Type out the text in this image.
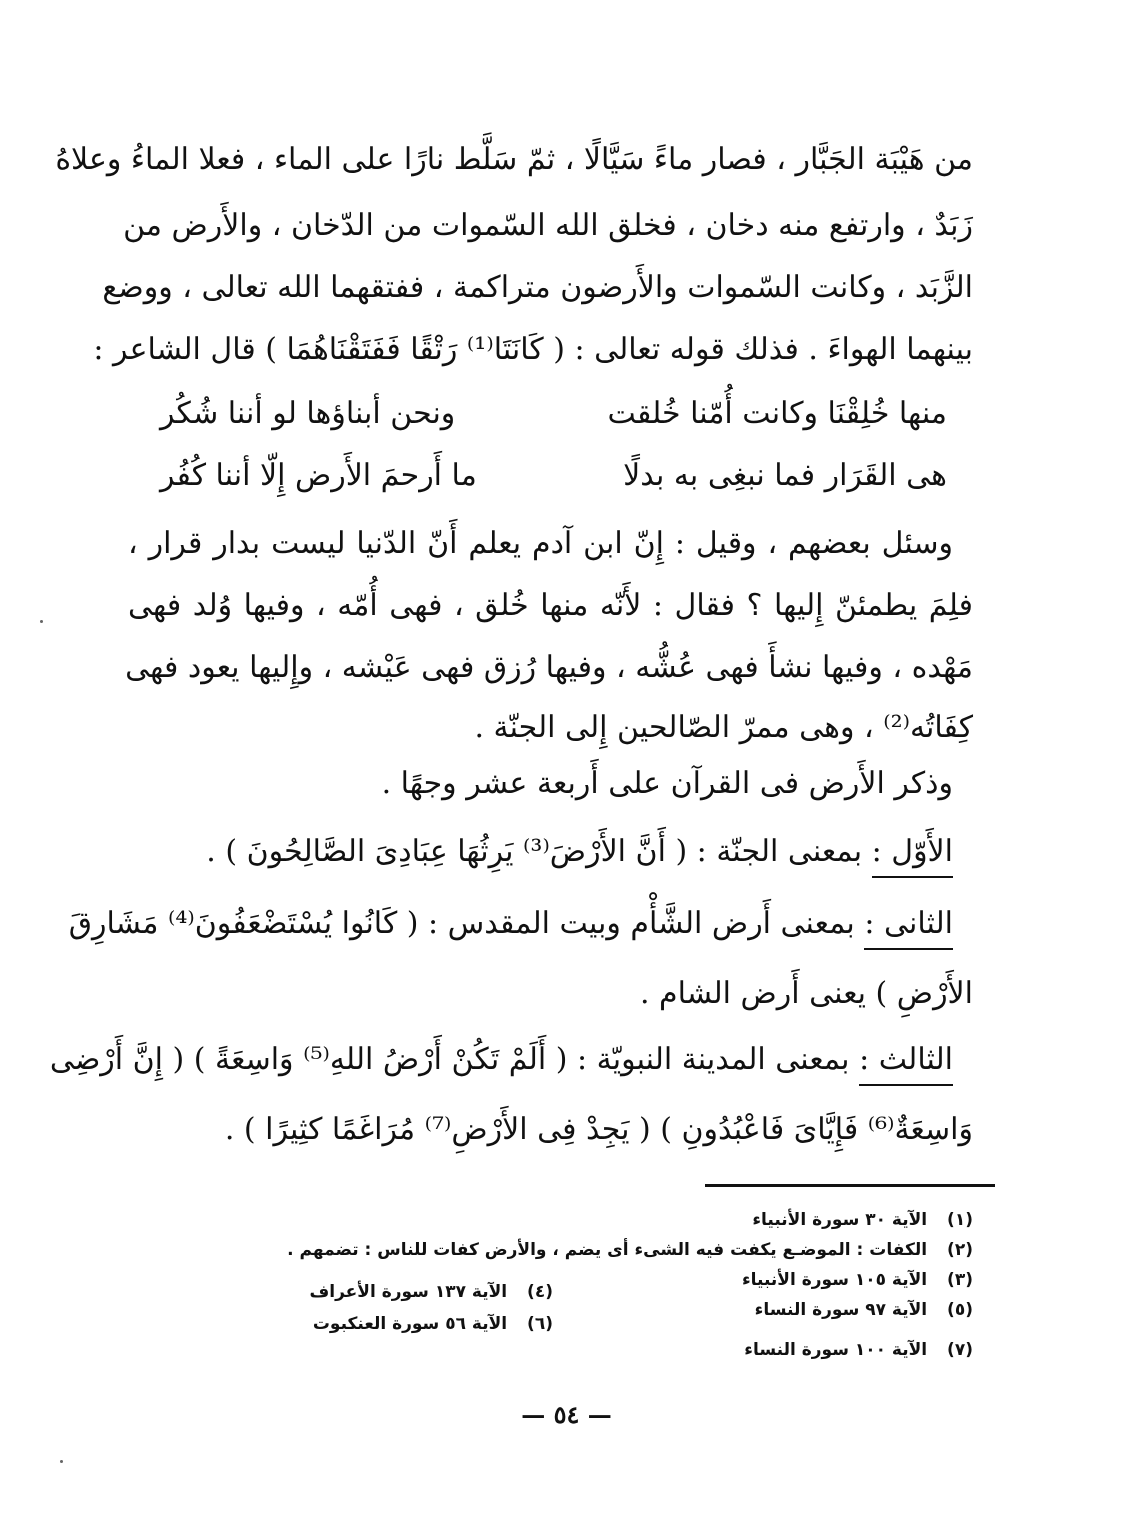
من هَيْبَة الجَبَّار ، فصار ماءً سَيَّالًا ، ثمّ سَلَّط نارًا على الماء ، فعلا الماءُ وعلاهُ
زَبَدٌ ، وارتفع منه دخان ، فخلق الله السّموات من الدّخان ، والأَرض من
الزَّبَد ، وكانت السّموات والأَرضون متراكمة ، ففتقهما الله تعالى ، ووضع
بينهما الهواءَ . فذلك قوله تعالى : ( كَانَتَا⁽¹⁾ رَتْقًا فَفَتَقْنَاهُمَا ) قال الشاعر :
منها خُلِقْنَا وكانت أُمّنا خُلقت
ونحن أبناؤها لو أننا شُكُر
هى القَرَار فما نبغِى به بدلًا
ما أَرحمَ الأَرض إِلّا أننا كُفُر
وسئل بعضهم ، وقيل : إِنّ ابن آدم يعلم أَنّ الدّنيا ليست بدار قرار ،
فلِمَ يطمئنّ إِليها ؟ فقال : لأَنّه منها خُلق ، فهى أُمّه ، وفيها وُلد فهى
مَهْده ، وفيها نشأَ فهى عُشُّه ، وفيها رُزق فهى عَيْشه ، وإِليها يعود فهى
كِفَاتُه⁽²⁾ ، وهى ممرّ الصّالحين إِلى الجنّة .
وذكر الأَرض فى القرآن على أَربعة عشر وجهًا .
الأَوّل : بمعنى الجنّة : ( أَنَّ الأَرْضَ⁽³⁾ يَرِثُهَا عِبَادِىَ الصَّالِحُونَ ) .
الثانى : بمعنى أَرض الشَّأْم وبيت المقدس : ( كَانُوا يُسْتَضْعَفُونَ⁽⁴⁾ مَشَارِقَ
الأَرْضِ ) يعنى أَرض الشام .
الثالث : بمعنى المدينة النبويّة : ( أَلَمْ تَكُنْ أَرْضُ اللهِ⁽⁵⁾ وَاسِعَةً ) ( إِنَّ أَرْضِى
وَاسِعَةٌ⁽⁶⁾ فَإِيَّاىَ فَاعْبُدُونِ ) ( يَجِدْ فِى الأَرْضِ⁽⁷⁾ مُرَاغَمًا كثِيرًا ) .
(١) الآية ٣٠ سورة الأنبياء
(٢) الكفات : الموضـع يكفت فيه الشىء أى يضم ، والأرض كفات للناس : تضمهم .
(٣) الآية ١٠٥ سورة الأنبياء
(٤) الآية ١٣٧ سورة الأعراف
(٥) الآية ٩٧ سورة النساء
(٦) الآية ٥٦ سورة العنكبوت
(٧) الآية ١٠٠ سورة النساء
— ٥٤ —
